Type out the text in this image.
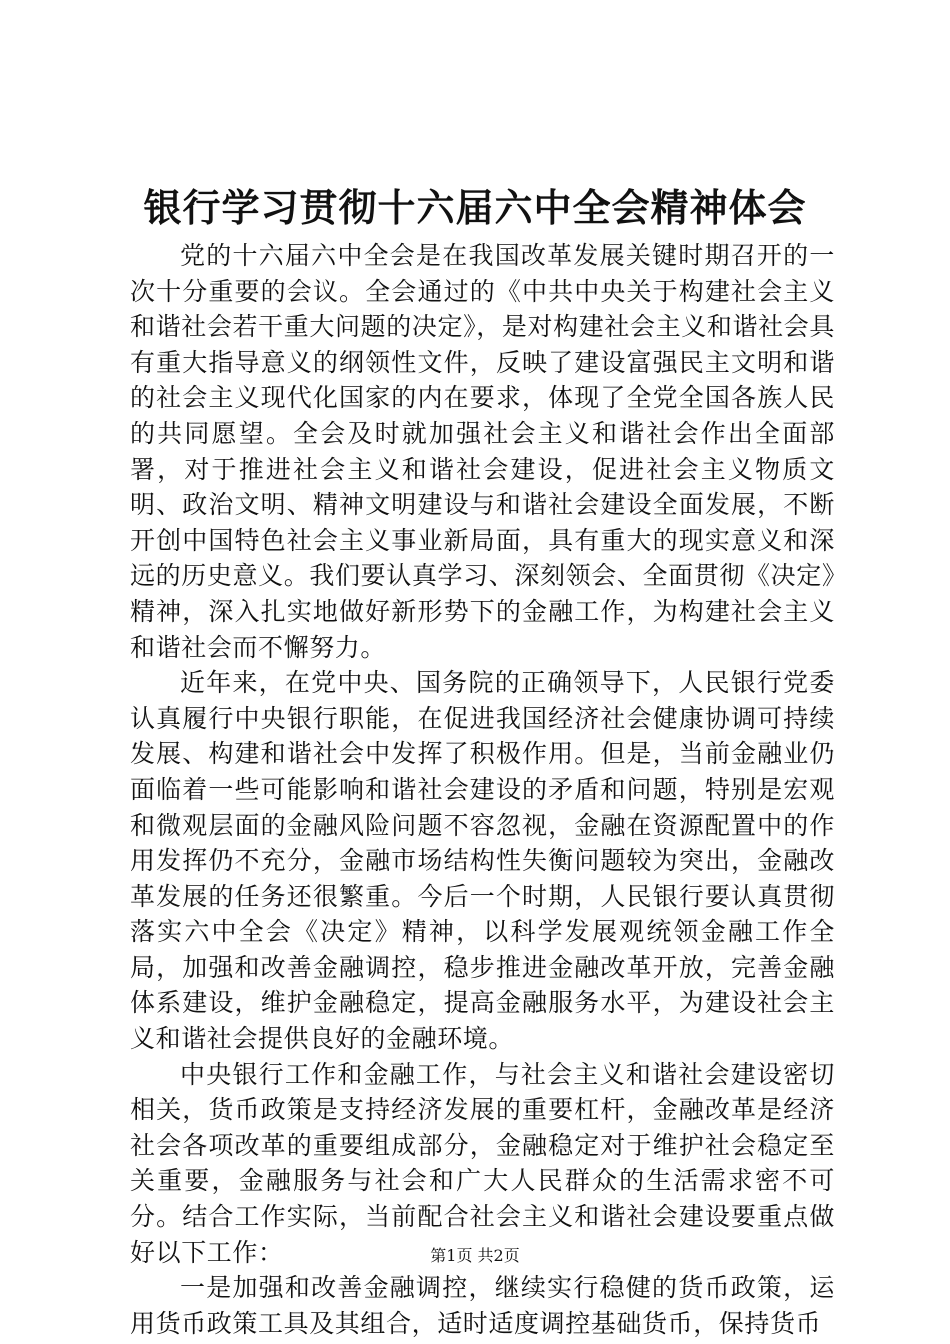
银行学习贯彻十六届六中全会精神体会

党的十六届六中全会是在我国改革发展关键时期召开的一次十分重要的会议。全会通过的《中共中央关于构建社会主义和谐社会若干重大问题的决定》，是对构建社会主义和谐社会具有重大指导意义的纲领性文件，反映了建设富强民主文明和谐的社会主义现代化国家的内在要求，体现了全党全国各族人民的共同愿望。全会及时就加强社会主义和谐社会作出全面部署，对于推进社会主义和谐社会建设，促进社会主义物质文明、政治文明、精神文明建设与和谐社会建设全面发展，不断开创中国特色社会主义事业新局面，具有重大的现实意义和深远的历史意义。我们要认真学习、深刻领会、全面贯彻《决定》精神，深入扎实地做好新形势下的金融工作，为构建社会主义和谐社会而不懈努力。

近年来，在党中央、国务院的正确领导下，人民银行党委认真履行中央银行职能，在促进我国经济社会健康协调可持续发展、构建和谐社会中发挥了积极作用。但是，当前金融业仍面临着一些可能影响和谐社会建设的矛盾和问题，特别是宏观和微观层面的金融风险问题不容忽视，金融在资源配置中的作用发挥仍不充分，金融市场结构性失衡问题较为突出，金融改革发展的任务还很繁重。今后一个时期，人民银行要认真贯彻落实六中全会《决定》精神，以科学发展观统领金融工作全局，加强和改善金融调控，稳步推进金融改革开放，完善金融体系建设，维护金融稳定，提高金融服务水平，为建设社会主义和谐社会提供良好的金融环境。

中央银行工作和金融工作，与社会主义和谐社会建设密切相关，货币政策是支持经济发展的重要杠杆，金融改革是经济社会各项改革的重要组成部分，金融稳定对于维护社会稳定至关重要，金融服务与社会和广大人民群众的生活需求密不可分。结合工作实际，当前配合社会主义和谐社会建设要重点做好以下工作：

一是加强和改善金融调控，继续实行稳健的货币政策，运用货币政策工具及其组合，适时适度调控基础货币，保持货币

第1页 共2页
